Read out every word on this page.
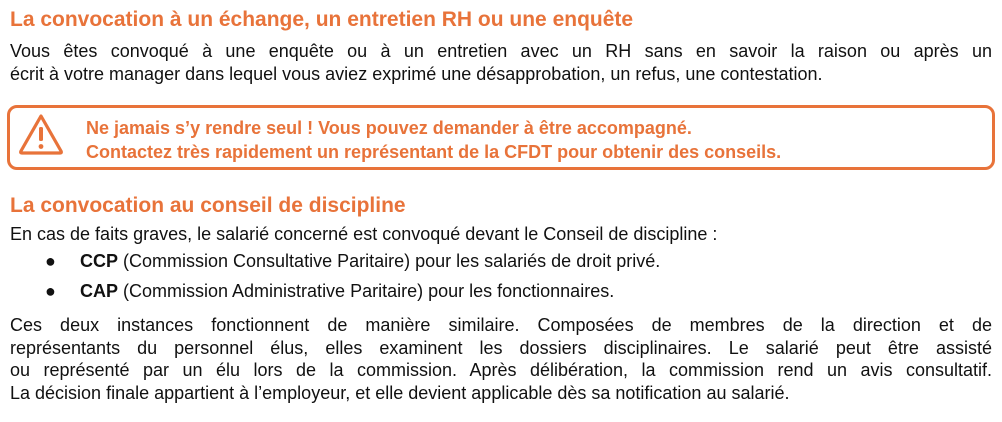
La convocation à un échange, un entretien RH ou une enquête

Vous êtes convoqué à une enquête ou à un entretien avec un RH sans en savoir la raison ou après un
écrit à votre manager dans lequel vous aviez exprimé une désapprobation, un refus, une contestation.

Ne jamais s’y rendre seul ! Vous pouvez demander à être accompagné.
Contactez très rapidement un représentant de la CFDT pour obtenir des conseils.
La convocation au conseil de discipline

En cas de faits graves, le salarié concerné est convoqué devant le Conseil de discipline :

● CCP (Commission Consultative Paritaire) pour les salariés de droit privé.
● CAP (Commission Administrative Paritaire) pour les fonctionnaires.

Ces deux instances fonctionnent de manière similaire. Composées de membres de la direction et de
représentants du personnel élus, elles examinent les dossiers disciplinaires. Le salarié peut être assisté
ou représenté par un élu lors de la commission. Après délibération, la commission rend un avis consultatif.
La décision finale appartient à l’employeur, et elle devient applicable dès sa notification au salarié.
